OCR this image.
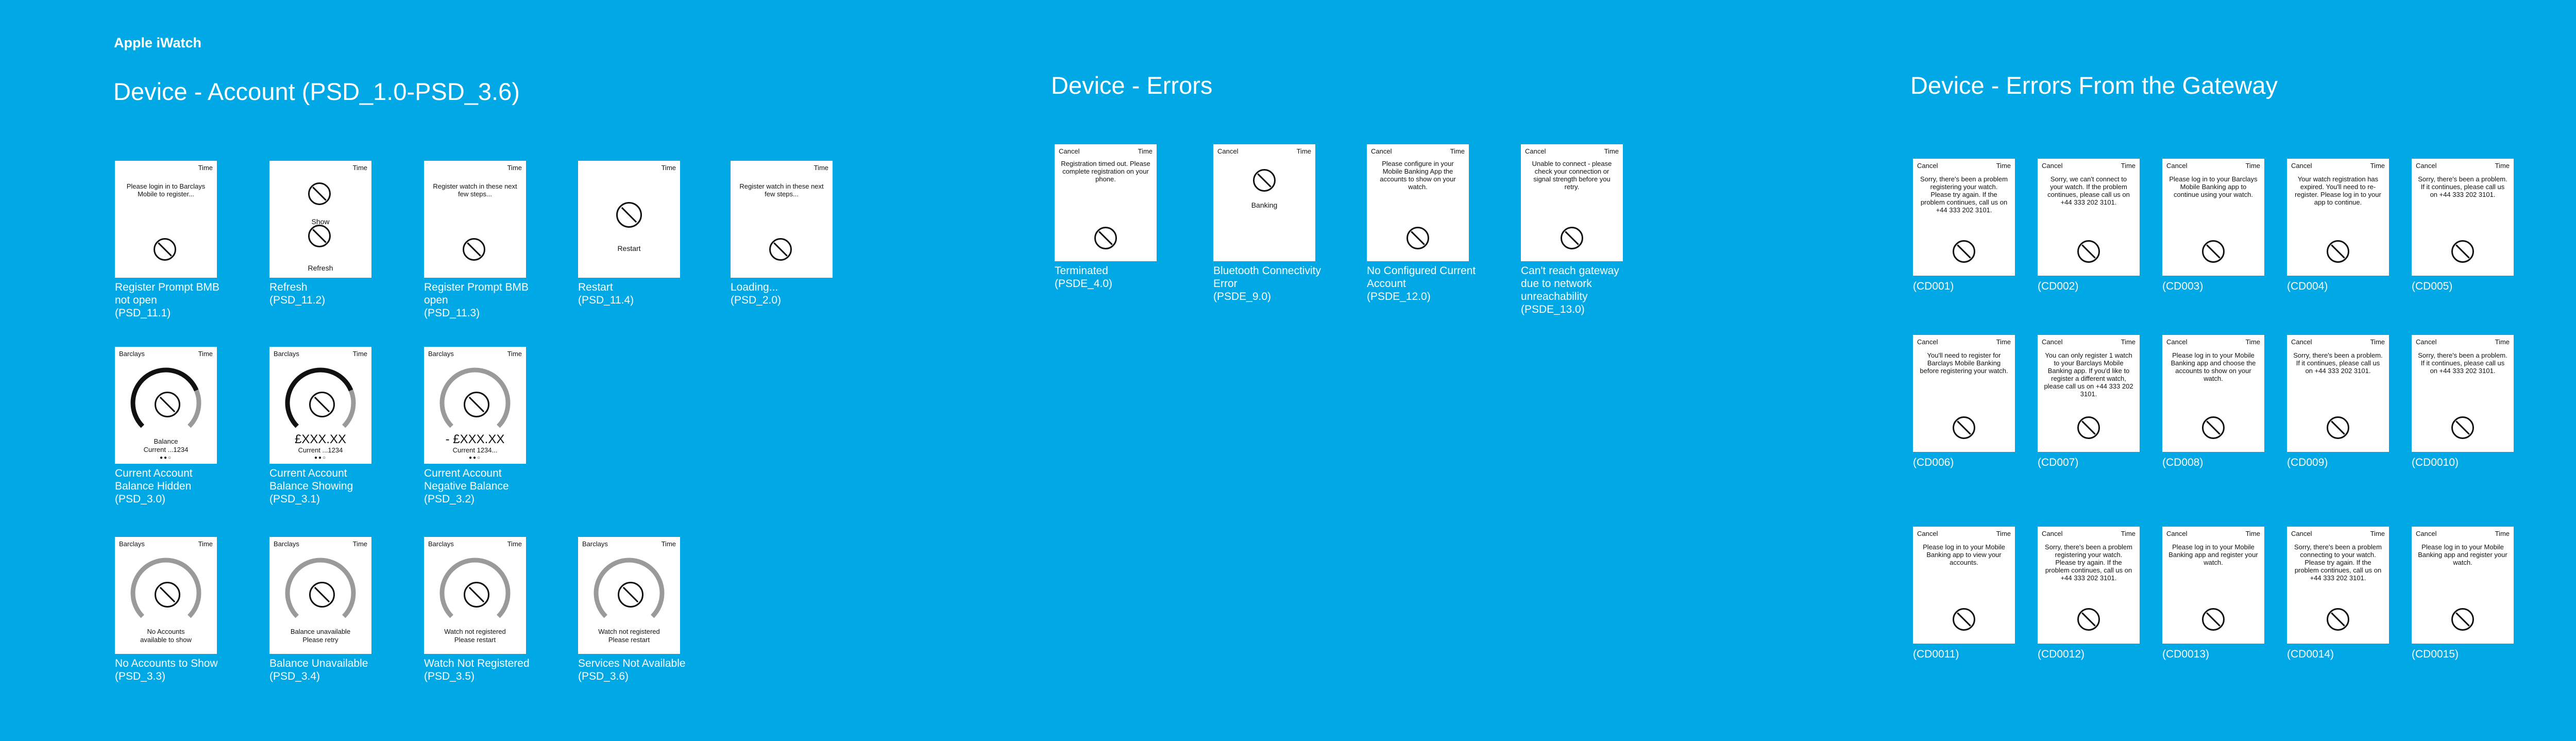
Apple iWatch
Device - Account (PSD_1.0-PSD_3.6)	Device - Errors	Device - Errors From the Gateway
Time
Please login in to Barclays Mobile to register...
Register Prompt BMB not open
(PSD_11.1)
Time
Show
Refresh
Refresh
(PSD_11.2)
Time
Register watch in these next few steps...
Register Prompt BMB open
(PSD_11.3)
Time
Restart
Restart
(PSD_11.4)
Time
Register watch in these next few steps...
Loading...
(PSD_2.0)
Barclays	Time
Balance
Current ...1234
●●○
Current Account Balance Hidden
(PSD_3.0)
Barclays	Time
£XXX.XX
Current ...1234
●●○
Current Account Balance Showing
(PSD_3.1)
Barclays	Time
- £XXX.XX
Current 1234...
●●○
Current Account Negative Balance
(PSD_3.2)
Barclays	Time
No Accounts
available to show
No Accounts to Show
(PSD_3.3)
Barclays	Time
Balance unavailable
Please retry
Balance Unavailable
(PSD_3.4)
Barclays	Time
Watch not registered
Please restart
Watch Not Registered
(PSD_3.5)
Barclays	Time
Watch not registered
Please restart
Services Not Available
(PSD_3.6)
Cancel	Time
Registration timed out. Please complete registration on your phone.
Terminated
(PSDE_4.0)
Cancel	Time
Banking
Bluetooth Connectivity Error
(PSDE_9.0)
Cancel	Time
Please configure in your Mobile Banking App the accounts to show on your watch.
No Configured Current Account
(PSDE_12.0)
Cancel	Time
Unable to connect - please check your connection or signal strength before you retry.
Can't reach gateway due to network unreachability
(PSDE_13.0)
Cancel	Time
Sorry, there's been a problem registering your watch. Please try again. If the problem continues, call us on +44 333 202 3101.
(CD001)
Cancel	Time
Sorry, we can't connect to your watch. If the problem continues, please call us on +44 333 202 3101.
(CD002)
Cancel	Time
Please log in to your Barclays Mobile Banking app to continue using your watch.
(CD003)
Cancel	Time
Your watch registration has expired. You'll need to re-register. Please log in to your app to continue.
(CD004)
Cancel	Time
Sorry, there's been a problem. If it continues, please call us on +44 333 202 3101.
(CD005)
Cancel	Time
You'll need to register for Barclays Mobile Banking before registering your watch.
(CD006)
Cancel	Time
You can only register 1 watch to your Barclays Mobile Banking app. If you'd like to register a different watch, please call us on +44 333 202 3101.
(CD007)
Cancel	Time
Please log in to your Mobile Banking app and choose the accounts to show on your watch.
(CD008)
Cancel	Time
Sorry, there's been a problem. If it continues, please call us on +44 333 202 3101.
(CD009)
Cancel	Time
Sorry, there's been a problem. If it continues, please call us on +44 333 202 3101.
(CD0010)
Cancel	Time
Please log in to your Mobile Banking app to view your accounts.
(CD0011)
Cancel	Time
Sorry, there's been a problem registering your watch. Please try again. If the problem continues, call us on +44 333 202 3101.
(CD0012)
Cancel	Time
Please log in to your Mobile Banking app and register your watch.
(CD0013)
Cancel	Time
Sorry, there's been a problem connecting to your watch. Please try again. If the problem continues, call us on +44 333 202 3101.
(CD0014)
Cancel	Time
Please log in to your Mobile Banking app and register your watch.
(CD0015)
